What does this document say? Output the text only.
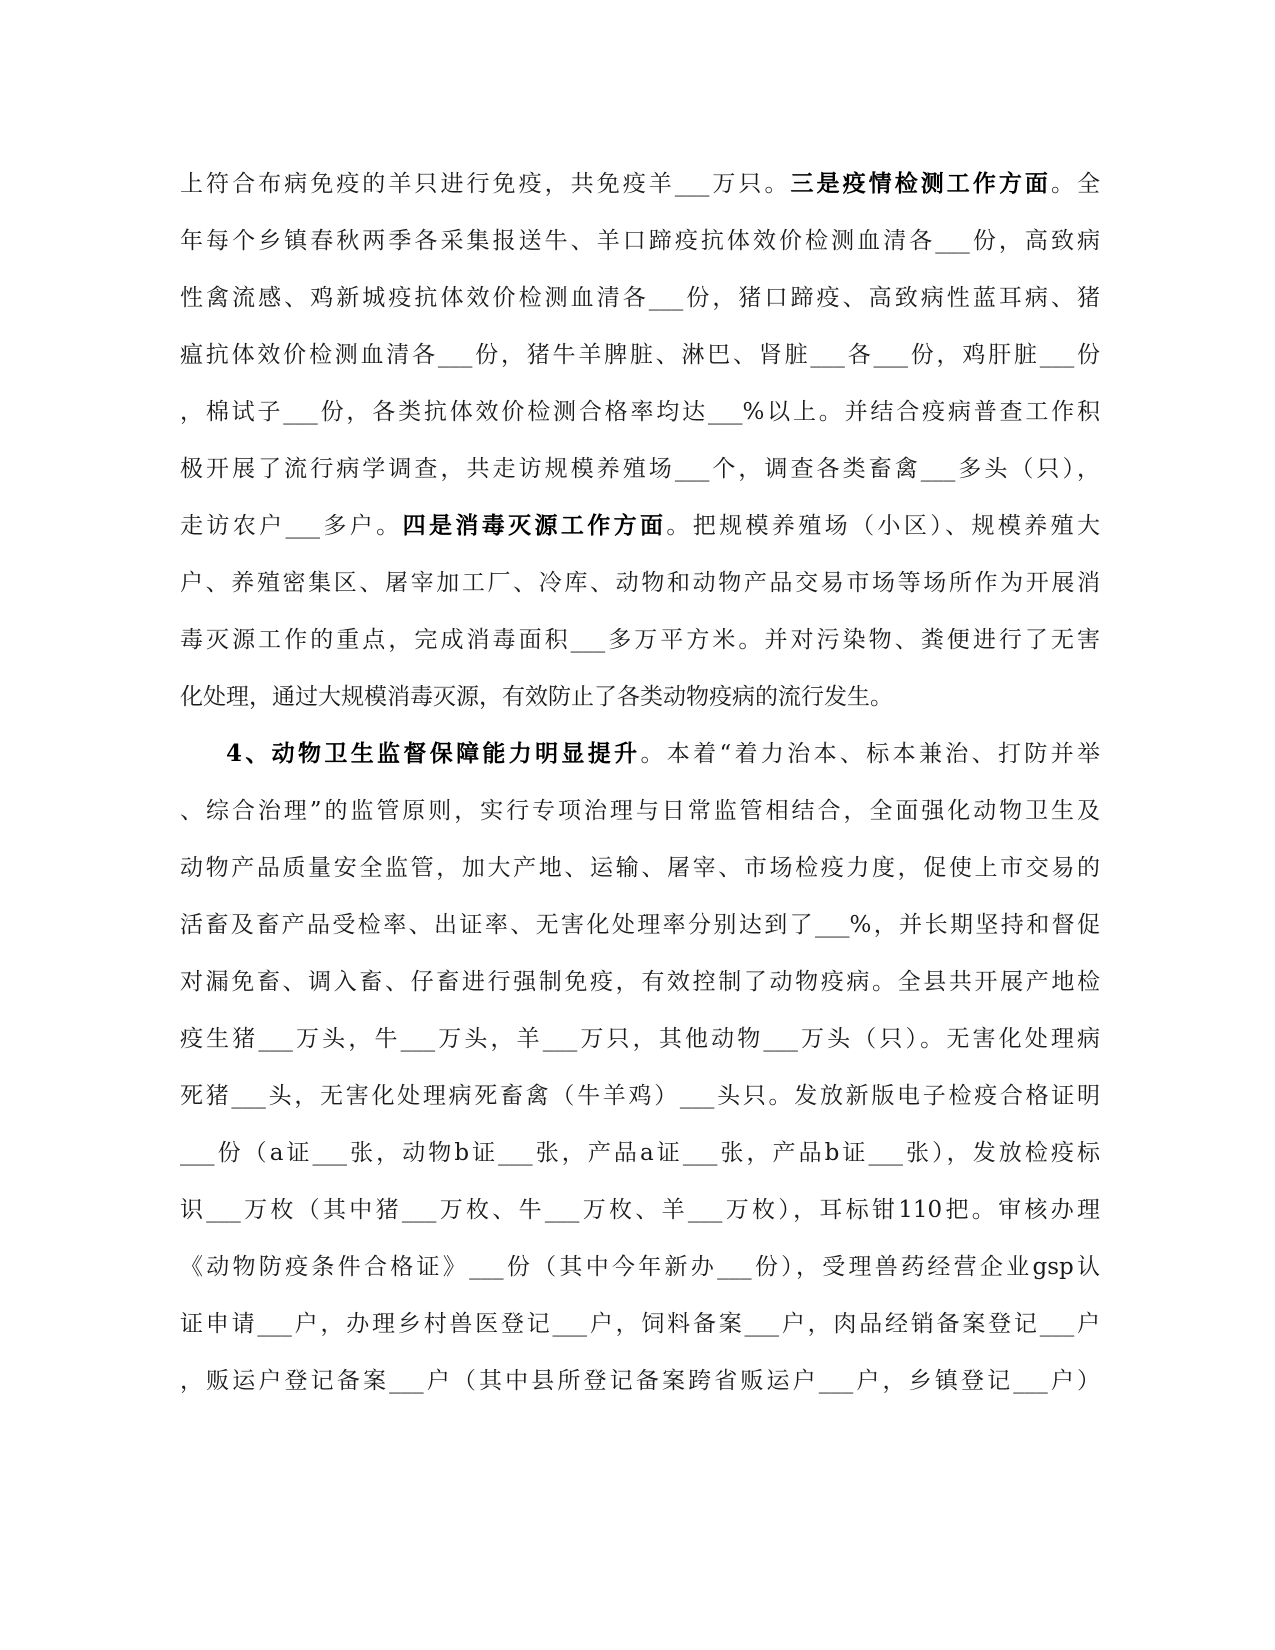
上符合布病免疫的羊只进行免疫，共免疫羊___万只。三是疫情检测工作方面。全
年每个乡镇春秋两季各采集报送牛、羊口蹄疫抗体效价检测血清各___份，高致病
性禽流感、鸡新城疫抗体效价检测血清各___份，猪口蹄疫、高致病性蓝耳病、猪
瘟抗体效价检测血清各___份，猪牛羊脾脏、淋巴、肾脏___各___份，鸡肝脏___份
，棉试子___份，各类抗体效价检测合格率均达___%以上。并结合疫病普查工作积
极开展了流行病学调查，共走访规模养殖场___个，调查各类畜禽___多头（只），
走访农户___多户。四是消毒灭源工作方面。把规模养殖场（小区）、规模养殖大
户、养殖密集区、屠宰加工厂、冷库、动物和动物产品交易市场等场所作为开展消
毒灭源工作的重点，完成消毒面积___多万平方米。并对污染物、粪便进行了无害
化处理，通过大规模消毒灭源，有效防止了各类动物疫病的流行发生。
4、动物卫生监督保障能力明显提升。本着“着力治本、标本兼治、打防并举
、综合治理”的监管原则，实行专项治理与日常监管相结合，全面强化动物卫生及
动物产品质量安全监管，加大产地、运输、屠宰、市场检疫力度，促使上市交易的
活畜及畜产品受检率、出证率、无害化处理率分别达到了___%，并长期坚持和督促
对漏免畜、调入畜、仔畜进行强制免疫，有效控制了动物疫病。全县共开展产地检
疫生猪___万头，牛___万头，羊___万只，其他动物___万头（只）。无害化处理病
死猪___头，无害化处理病死畜禽（牛羊鸡）___头只。发放新版电子检疫合格证明
___份（a证___张，动物b证___张，产品a证___张，产品b证___张），发放检疫标
识___万枚（其中猪___万枚、牛___万枚、羊___万枚），耳标钳110把。审核办理
《动物防疫条件合格证》___份（其中今年新办___份），受理兽药经营企业gsp认
证申请___户，办理乡村兽医登记___户，饲料备案___户，肉品经销备案登记___户
，贩运户登记备案___户（其中县所登记备案跨省贩运户___户，乡镇登记___户）
